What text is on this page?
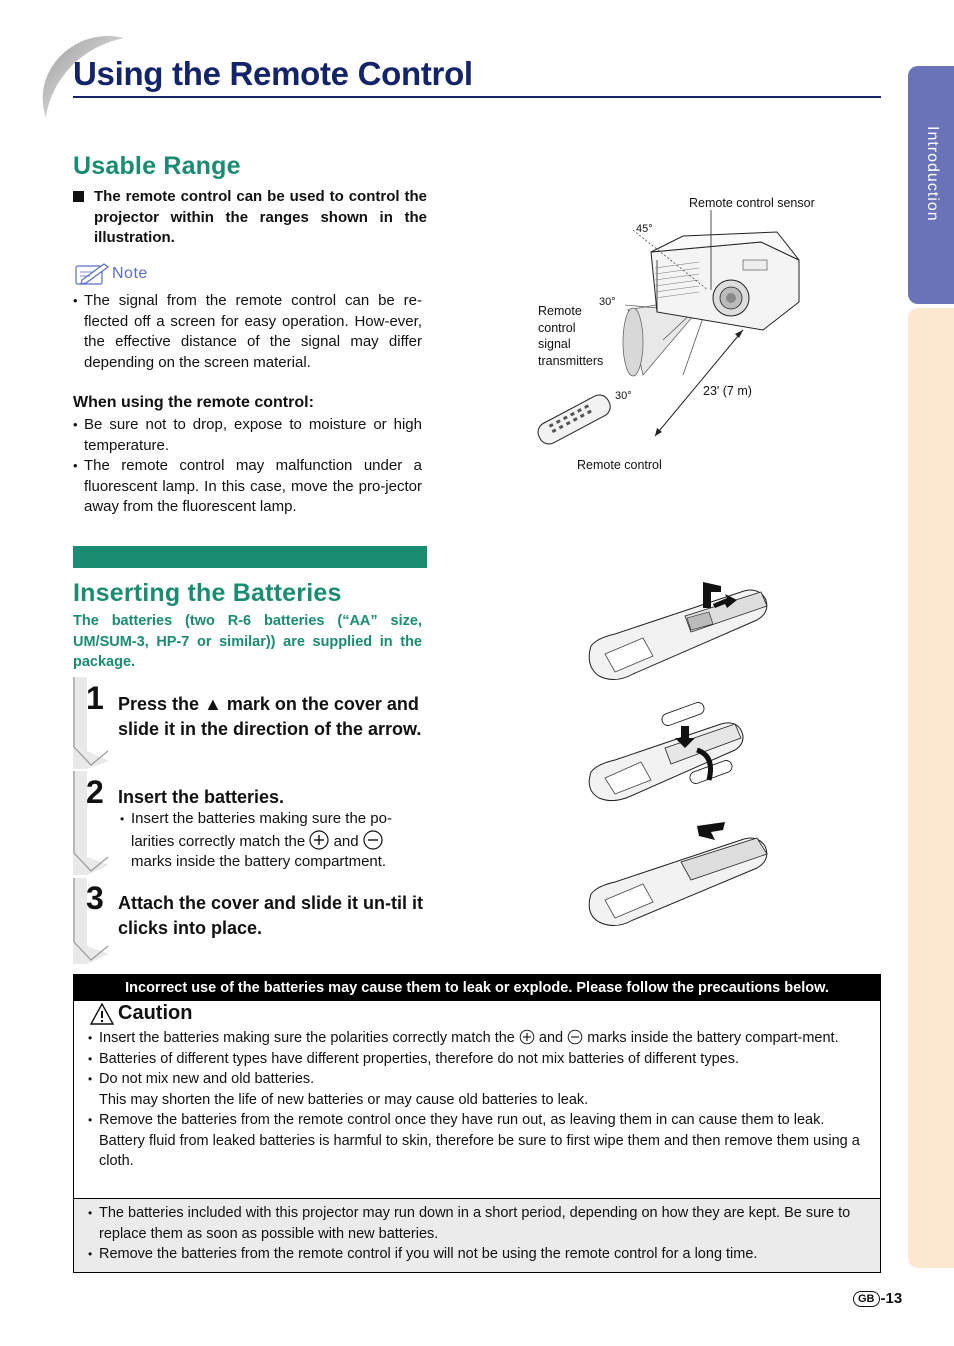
Using the Remote Control
Introduction
Usable Range
The remote control can be used to control the projector within the ranges shown in the illustration.
Note
• The signal from the remote control can be re-flected off a screen for easy operation. How-ever, the effective distance of the signal may differ depending on the screen material.
When using the remote control:
• Be sure not to drop, expose to moisture or high temperature.
• The remote control may malfunction under a fluorescent lamp. In this case, move the pro-jector away from the fluorescent lamp.
Remote control sensor
45°
30°
Remote
control
signal
transmitters
30°	23' (7 m)
Remote control
Inserting the Batteries
The batteries (two R-6 batteries (“AA” size, UM/SUM-3, HP-7 or similar)) are supplied in the package.
1 Press the ▲ mark on the cover and slide it in the direction of the arrow.
2 Insert the batteries.
• Insert the batteries making sure the po-larities correctly match the and  marks inside the battery compartment.
3 Attach the cover and slide it un-til it clicks into place.
Incorrect use of the batteries may cause them to leak or explode. Please follow the precautions below.
Caution
• Insert the batteries making sure the polarities correctly match the and marks inside the battery compart-ment.
• Batteries of different types have different properties, therefore do not mix batteries of different types.
• Do not mix new and old batteries.
This may shorten the life of new batteries or may cause old batteries to leak.
• Remove the batteries from the remote control once they have run out, as leaving them in can cause them to leak.
Battery fluid from leaked batteries is harmful to skin, therefore be sure to first wipe them and then remove them using a cloth.
• The batteries included with this projector may run down in a short period, depending on how they are kept. Be sure to replace them as soon as possible with new batteries.
• Remove the batteries from the remote control if you will not be using the remote control for a long time.
GB -13
